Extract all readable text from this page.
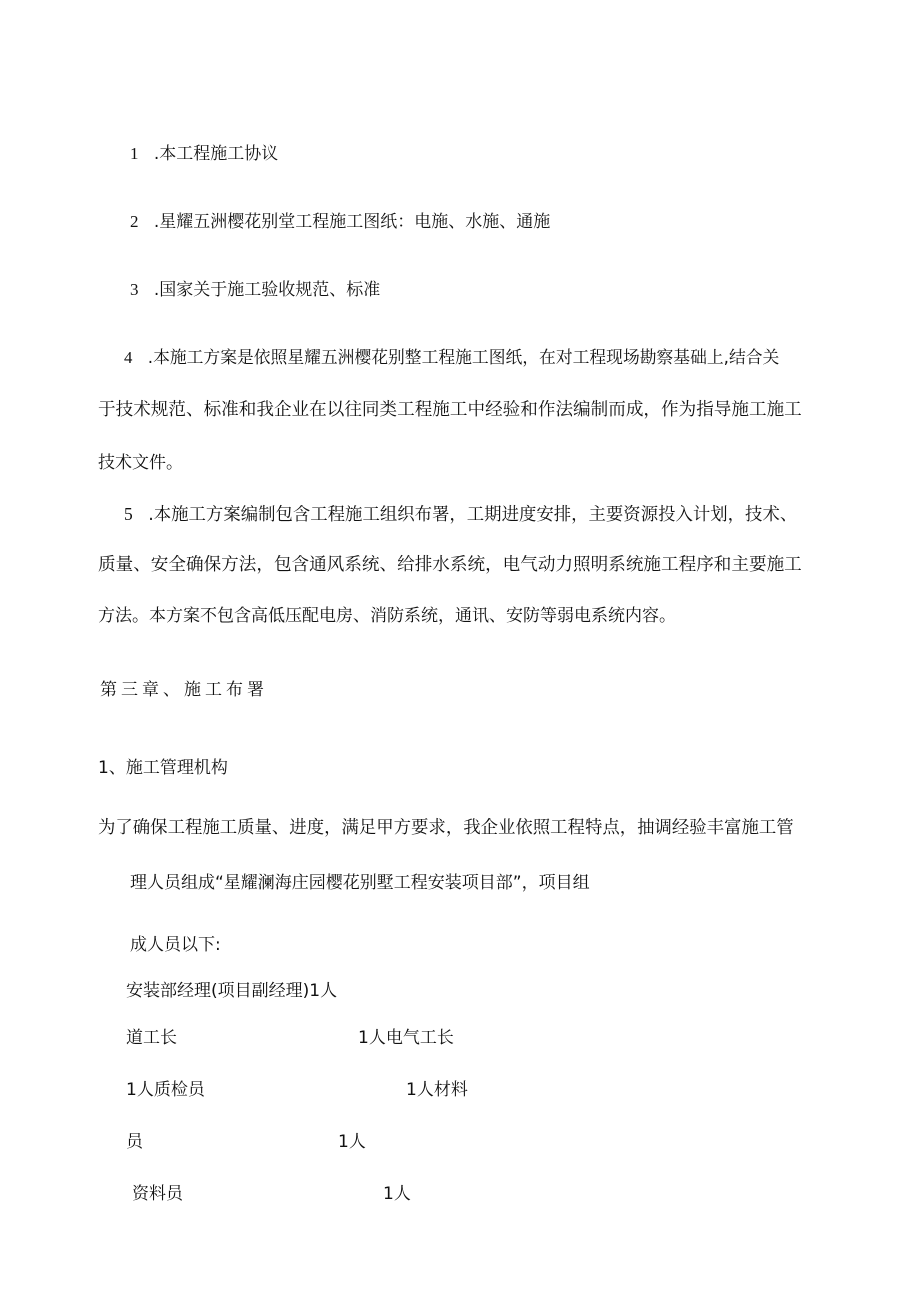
1 .本工程施工协议
2 .星耀五洲樱花别堂工程施工图纸：电施、水施、通施
3 .国家关于施工验收规范、标准
4 .本施工方案是依照星耀五洲樱花别整工程施工图纸，在对工程现场勘察基础上,结合关
于技术规范、标准和我企业在以往同类工程施工中经验和作法编制而成，作为指导施工施工
技术文件。
5 .本施工方案编制包含工程施工组织布署，工期进度安排，主要资源投入计划，技术、
质量、安全确保方法，包含通风系统、给排水系统，电气动力照明系统施工程序和主要施工
方法。本方案不包含高低压配电房、消防系统，通讯、安防等弱电系统内容。
第三章、施工布署
1、施工管理机构
为了确保工程施工质量、进度，满足甲方要求，我企业依照工程特点，抽调经验丰富施工管
理人员组成“星耀澜海庄园樱花别墅工程安装项目部”，项目组
成人员以下:
安装部经理(项目副经理)1人
道工长	1人电气工长
1人质检员	1人材料
员	1人
资料员	1人
